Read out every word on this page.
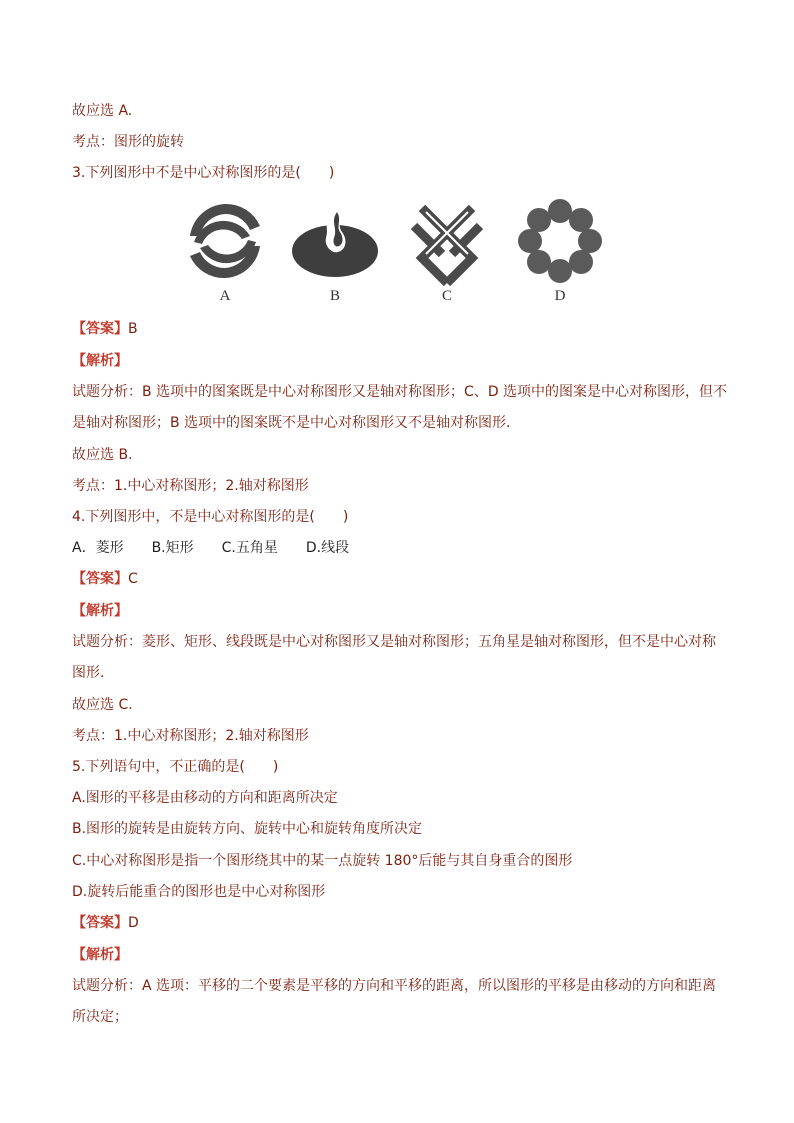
故应选 A.
考点：图形的旋转
3.下列图形中不是中心对称图形的是(　　)
A	B	C	D
【答案】B
【解析】
试题分析：B 选项中的图案既是中心对称图形又是轴对称图形；C、D 选项中的图案是中心对称图形，但不
是轴对称图形；B 选项中的图案既不是中心对称图形又不是轴对称图形.
故应选 B.
考点：1.中心对称图形；2.轴对称图形
4.下列图形中，不是中心对称图形的是(　　)
A．菱形　　B.矩形　　C.五角星　　D.线段
【答案】C
【解析】
试题分析：菱形、矩形、线段既是中心对称图形又是轴对称图形；五角星是轴对称图形，但不是中心对称
图形.
故应选 C.
考点：1.中心对称图形；2.轴对称图形
5.下列语句中，不正确的是(　　)
A.图形的平移是由移动的方向和距离所决定
B.图形的旋转是由旋转方向、旋转中心和旋转角度所决定
C.中心对称图形是指一个图形绕其中的某一点旋转 180°后能与其自身重合的图形
D.旋转后能重合的图形也是中心对称图形
【答案】D
【解析】
试题分析：A 选项：平移的二个要素是平移的方向和平移的距离，所以图形的平移是由移动的方向和距离
所决定；
